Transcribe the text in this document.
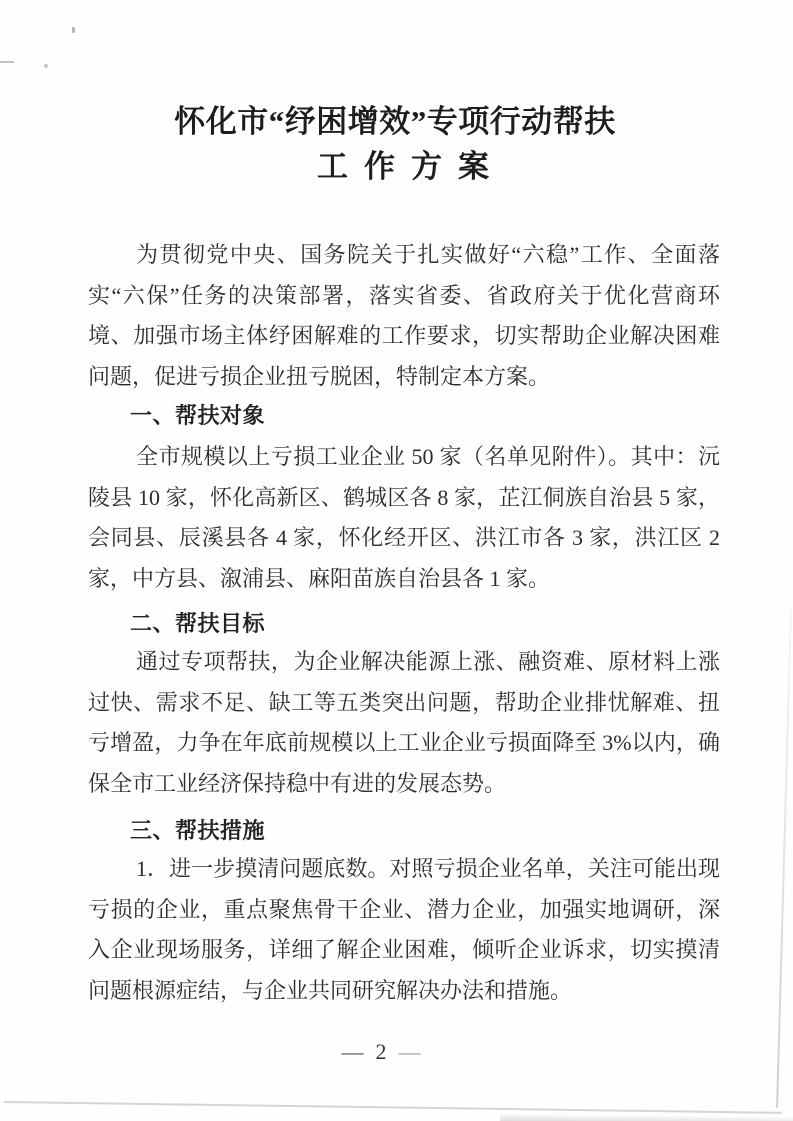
怀化市“纾困增效”专项行动帮扶
工作方案
为贯彻党中央、国务院关于扎实做好“六稳”工作、全面落
实“六保”任务的决策部署，落实省委、省政府关于优化营商环
境、加强市场主体纾困解难的工作要求，切实帮助企业解决困难
问题，促进亏损企业扭亏脱困，特制定本方案。
一、帮扶对象
全市规模以上亏损工业企业 50 家（名单见附件）。其中：沅
陵县 10 家，怀化高新区、鹤城区各 8 家，芷江侗族自治县 5 家，
会同县、辰溪县各 4 家，怀化经开区、洪江市各 3 家，洪江区 2
家，中方县、溆浦县、麻阳苗族自治县各 1 家。
二、帮扶目标
通过专项帮扶，为企业解决能源上涨、融资难、原材料上涨
过快、需求不足、缺工等五类突出问题，帮助企业排忧解难、扭
亏增盈，力争在年底前规模以上工业企业亏损面降至 3%以内，确
保全市工业经济保持稳中有进的发展态势。
三、帮扶措施
1．进一步摸清问题底数。对照亏损企业名单，关注可能出现
亏损的企业，重点聚焦骨干企业、潜力企业，加强实地调研，深
入企业现场服务，详细了解企业困难，倾听企业诉求，切实摸清
问题根源症结，与企业共同研究解决办法和措施。
— 2 —
